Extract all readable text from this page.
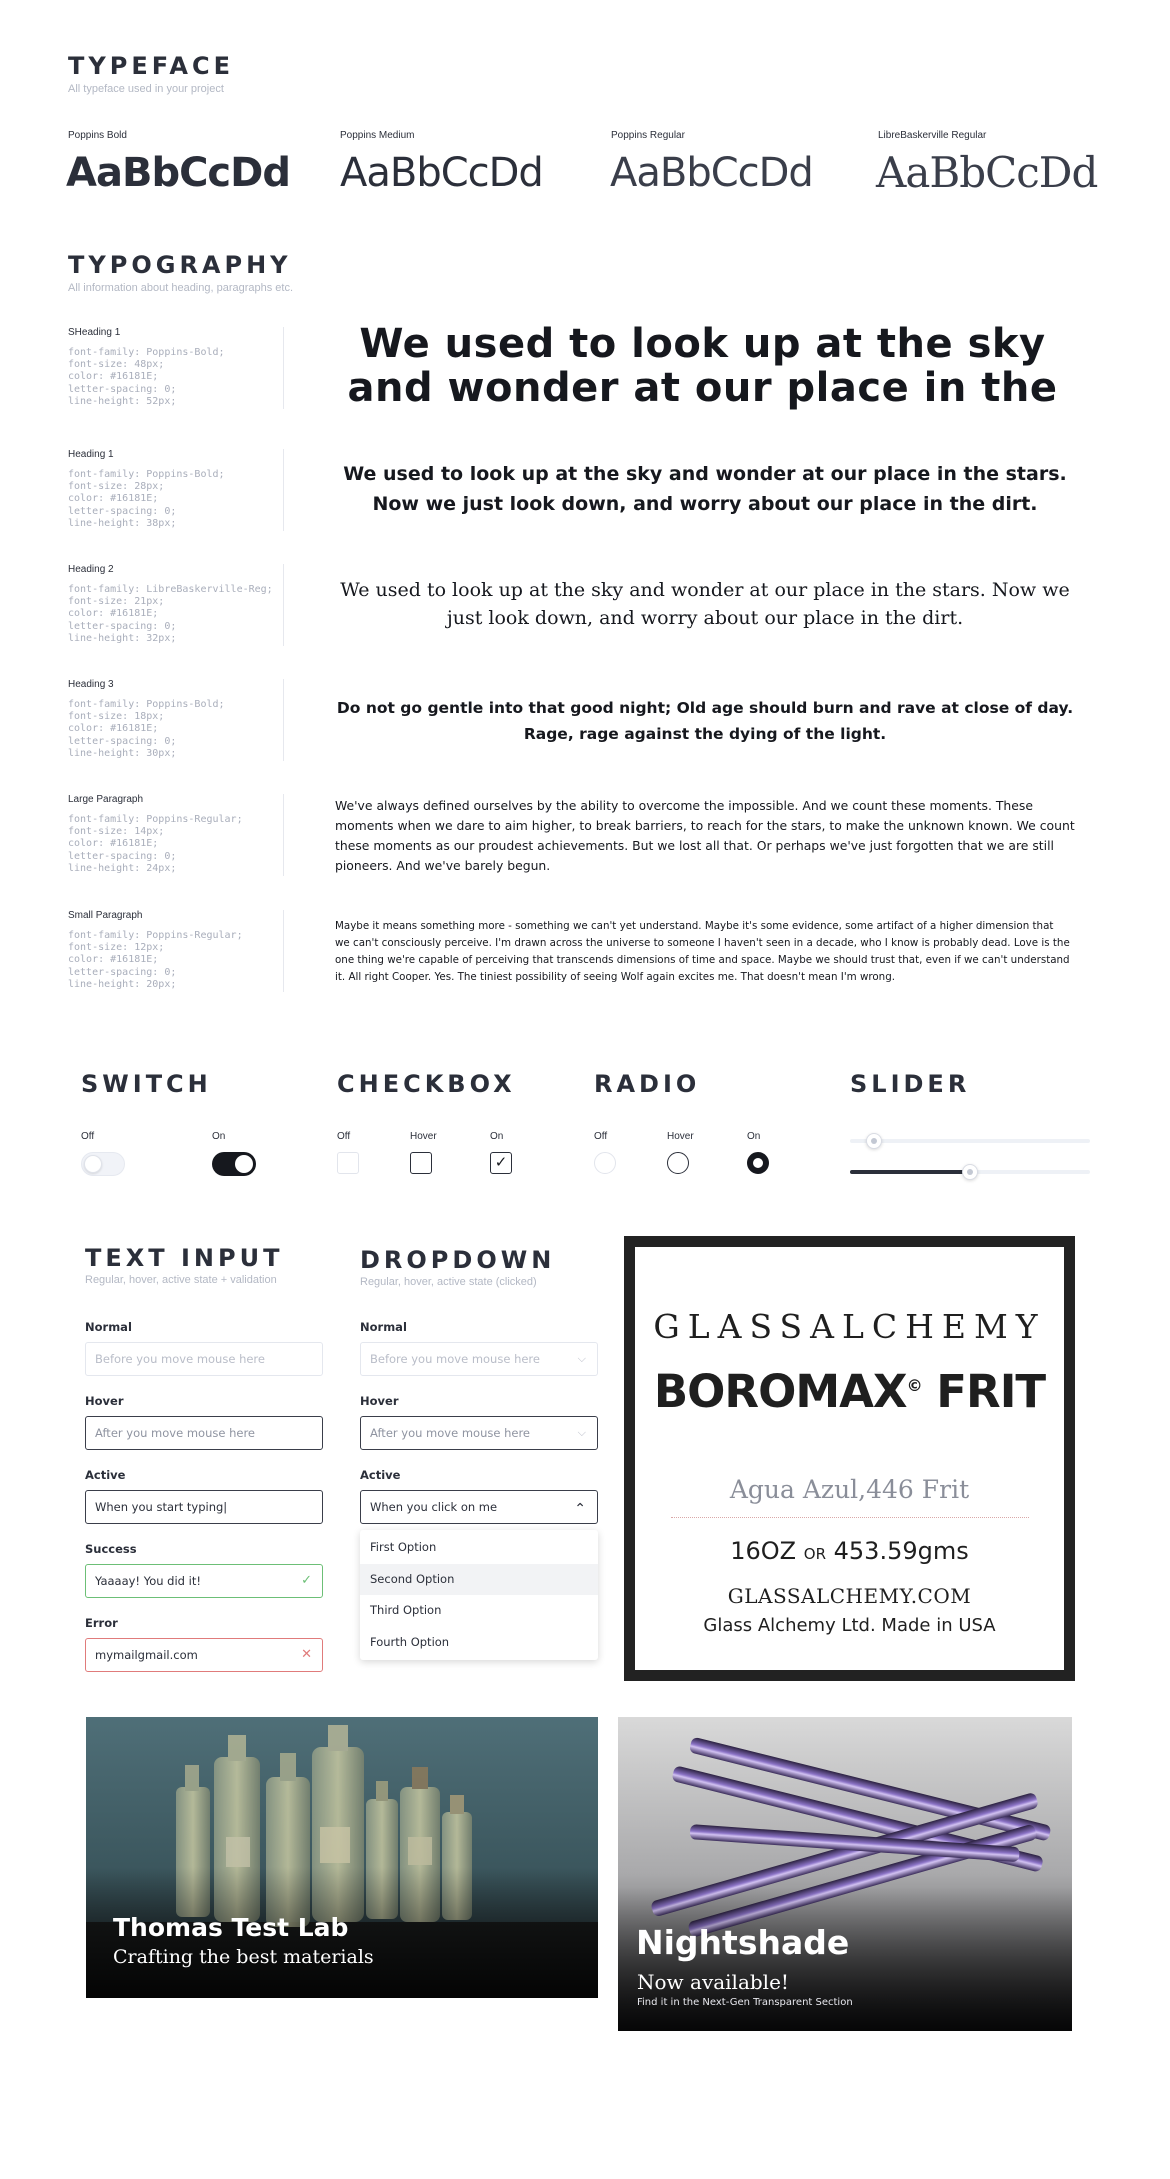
TYPEFACE
All typeface used in your project
Poppins Bold
AaBbCcDd
Poppins Medium
AaBbCcDd
Poppins Regular
AaBbCcDd
LibreBaskerville Regular
AaBbCcDd
TYPOGRAPHY
All information about heading, paragraphs etc.
SHeading 1
font-family: Poppins-Bold;
font-size: 48px;
color: #16181E;
letter-spacing: 0;
line-height: 52px;
We used to look up at the sky and wonder at our place in the
Heading 1
font-family: Poppins-Bold;
font-size: 28px;
color: #16181E;
letter-spacing: 0;
line-height: 38px;
We used to look up at the sky and wonder at our place in the stars. Now we just look down, and worry about our place in the dirt.
Heading 2
font-family: LibreBaskerville-Reg;
font-size: 21px;
color: #16181E;
letter-spacing: 0;
line-height: 32px;
We used to look up at the sky and wonder at our place in the stars. Now we just look down, and worry about our place in the dirt.
Heading 3
font-family: Poppins-Bold;
font-size: 18px;
color: #16181E;
letter-spacing: 0;
line-height: 30px;
Do not go gentle into that good night; Old age should burn and rave at close of day. Rage, rage against the dying of the light.
Large Paragraph
font-family: Poppins-Regular;
font-size: 14px;
color: #16181E;
letter-spacing: 0;
line-height: 24px;
We've always defined ourselves by the ability to overcome the impossible. And we count these moments. These moments when we dare to aim higher, to break barriers, to reach for the stars, to make the unknown known. We count these moments as our proudest achievements. But we lost all that. Or perhaps we've just forgotten that we are still pioneers. And we've barely begun.
Small Paragraph
font-family: Poppins-Regular;
font-size: 12px;
color: #16181E;
letter-spacing: 0;
line-height: 20px;
Maybe it means something more - something we can't yet understand. Maybe it's some evidence, some artifact of a higher dimension that we can't consciously perceive. I'm drawn across the universe to someone I haven't seen in a decade, who I know is probably dead. Love is the one thing we're capable of perceiving that transcends dimensions of time and space. Maybe we should trust that, even if we can't understand it. All right Cooper. Yes. The tiniest possibility of seeing Wolf again excites me. That doesn't mean I'm wrong.
SWITCH
Off	On
CHECKBOX
Off	Hover	On
✓
RADIO
Off	Hover	On
SLIDER
TEXT INPUT
Regular, hover, active state + validation
Normal
Before you move mouse here
Hover
After you move mouse here
Active
When you start typing|
Success
Yaaaay! You did it!	✓
Error
mymailgmail.com	✕
DROPDOWN
Regular, hover, active state (clicked)
Normal
Before you move mouse here	⌵
Hover
After you move mouse here	⌵
Active
When you click on me	⌃
First Option
Second Option
Third Option
Fourth Option
GLASSALCHEMY
BOROMAX© FRIT
Agua Azul,446 Frit
16OZ OR 453.59gms
GLASSALCHEMY.COM
Glass Alchemy Ltd. Made in USA
Thomas Test Lab
Crafting the best materials	Nightshade
Now available!
Find it in the Next-Gen Transparent Section
